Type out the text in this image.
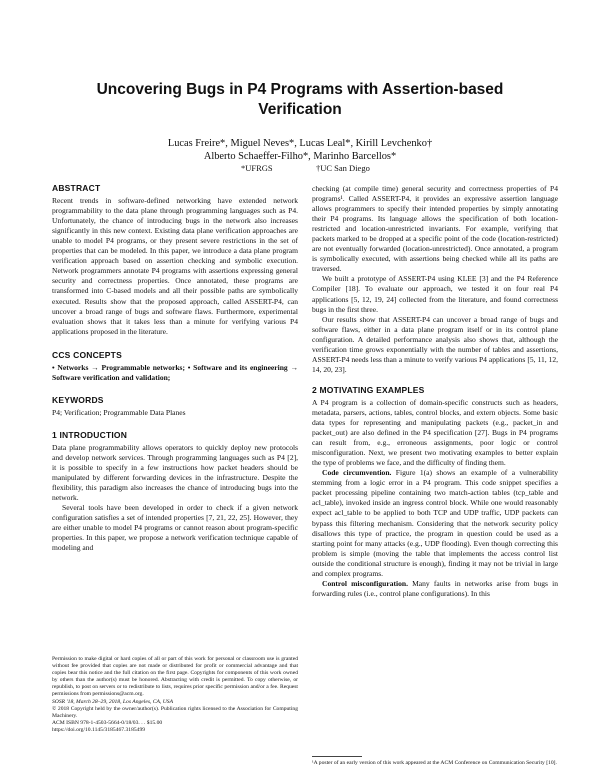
Uncovering Bugs in P4 Programs with Assertion-based
Verification
Lucas Freire*, Miguel Neves*, Lucas Leal*, Kirill Levchenko†
Alberto Schaeffer-Filho*, Marinho Barcellos*
*UFRGS	†UC San Diego
ABSTRACT

Recent trends in software-defined networking have extended network programmability to the data plane through programming languages such as P4. Unfortunately, the chance of introducing bugs in the network also increases significantly in this new context. Existing data plane verification approaches are unable to model P4 programs, or they present severe restrictions in the set of properties that can be modeled. In this paper, we introduce a data plane program verification approach based on assertion checking and symbolic execution. Network programmers annotate P4 programs with assertions expressing general security and correctness properties. Once annotated, these programs are transformed into C-based models and all their possible paths are symbolically executed. Results show that the proposed approach, called ASSERT-P4, can uncover a broad range of bugs and software flaws. Furthermore, experimental evaluation shows that it takes less than a minute for verifying various P4 applications proposed in the literature.

CCS CONCEPTS

• Networks → Programmable networks; • Software and its engineering → Software verification and validation;

KEYWORDS

P4; Verification; Programmable Data Planes

1 INTRODUCTION

Data plane programmability allows operators to quickly deploy new protocols and develop network services. Through programming languages such as P4 [2], it is possible to specify in a few instructions how packet headers should be manipulated by different forwarding devices in the infrastructure. Despite the flexibility, this paradigm also increases the chance of introducing bugs into the network.

Several tools have been developed in order to check if a given network configuration satisfies a set of intended properties [7, 21, 22, 25]. However, they are either unable to model P4 programs or cannot reason about program-specific properties. In this paper, we propose a network verification technique capable of modeling and

Permission to make digital or hard copies of all or part of this work for personal or classroom use is granted without fee provided that copies are not made or distributed for profit or commercial advantage and that copies bear this notice and the full citation on the first page. Copyrights for components of this work owned by others than the author(s) must be honored. Abstracting with credit is permitted. To copy otherwise, or republish, to post on servers or to redistribute to lists, requires prior specific permission and/or a fee. Request permissions from permissions@acm.org.
SOSR '18, March 28–29, 2018, Los Angeles, CA, USA
© 2018 Copyright held by the owner/author(s). Publication rights licensed to the Association for Computing Machinery.
ACM ISBN 978-1-4503-5664-0/18/03. . . $15.00
https://doi.org/10.1145/3185467.3185499

checking (at compile time) general security and correctness properties of P4 programs¹. Called ASSERT-P4, it provides an expressive assertion language allows programmers to specify their intended properties by simply annotating their P4 programs. Its language allows the specification of both location-restricted and location-unrestricted invariants. For example, verifying that packets marked to be dropped at a specific point of the code (location-restricted) are not eventually forwarded (location-unrestricted). Once annotated, a program is symbolically executed, with assertions being checked while all its paths are traversed.

We built a prototype of ASSERT-P4 using KLEE [3] and the P4 Reference Compiler [18]. To evaluate our approach, we tested it on four real P4 applications [5, 12, 19, 24] collected from the literature, and found correctness bugs in the first three.

Our results show that ASSERT-P4 can uncover a broad range of bugs and software flaws, either in a data plane program itself or in its control plane configuration. A detailed performance analysis also shows that, although the verification time grows exponentially with the number of tables and assertions, ASSERT-P4 needs less than a minute to verify various P4 applications [5, 11, 12, 14, 20, 23].

2 MOTIVATING EXAMPLES

A P4 program is a collection of domain-specific constructs such as headers, metadata, parsers, actions, tables, control blocks, and extern objects. Some basic data types for representing and manipulating packets (e.g., packet_in and packet_out) are also defined in the P4 specification [27]. Bugs in P4 programs can result from, e.g., erroneous assignments, poor logic or control misconfiguration. Next, we present two motivating examples to better explain the type of problems we face, and the difficulty of finding them.

Code circumvention. Figure 1(a) shows an example of a vulnerability stemming from a logic error in a P4 program. This code snippet specifies a packet processing pipeline containing two match-action tables (tcp_table and acl_table), invoked inside an ingress control block. While one would reasonably expect acl_table to be applied to both TCP and UDP traffic, UDP packets can bypass this filtering mechanism. Considering that the network security policy disallows this type of practice, the program in question could be used as a starting point for many attacks (e.g., UDP flooding). Even though correcting this problem is simple (moving the table that implements the access control list outside the conditional structure is enough), finding it may not be trivial in large and complex programs.

Control misconfiguration. Many faults in networks arise from bugs in forwarding rules (i.e., control plane configurations). In this

¹A poster of an early version of this work appeared at the ACM Conference on Communication Security [10].
